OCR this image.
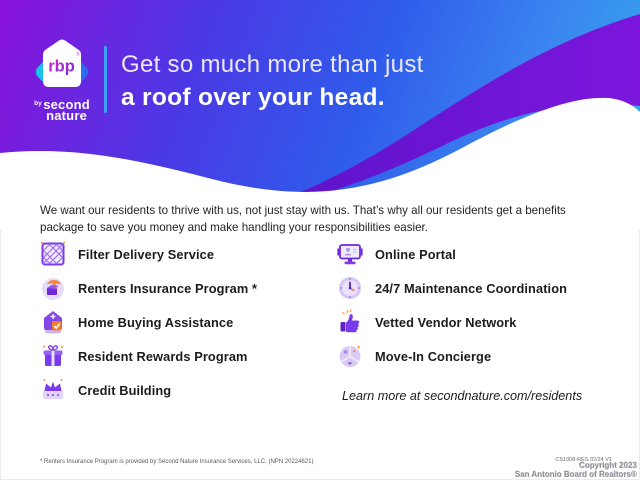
rbp
®
by second
nature
Get so much more than just
a roof over your head.

We want our residents to thrive with us, not just stay with us. That’s why all our residents get a benefits package to save you money and make handling your responsibilities easier.

Filter Delivery Service
Renters Insurance Program *
Home Buying Assistance
Resident Rewards Program
Credit Building
Online Portal
24/7 Maintenance Coordination
Vetted Vendor Network
Move-In Concierge
Learn more at secondnature.com/residents
* Renters Insurance Program is provided by Second Nature Insurance Services, LLC. (NPN 20224621)	CS1008-RES 02/24 V1
Copyright 2023
San Antonio Board of Realtors®
